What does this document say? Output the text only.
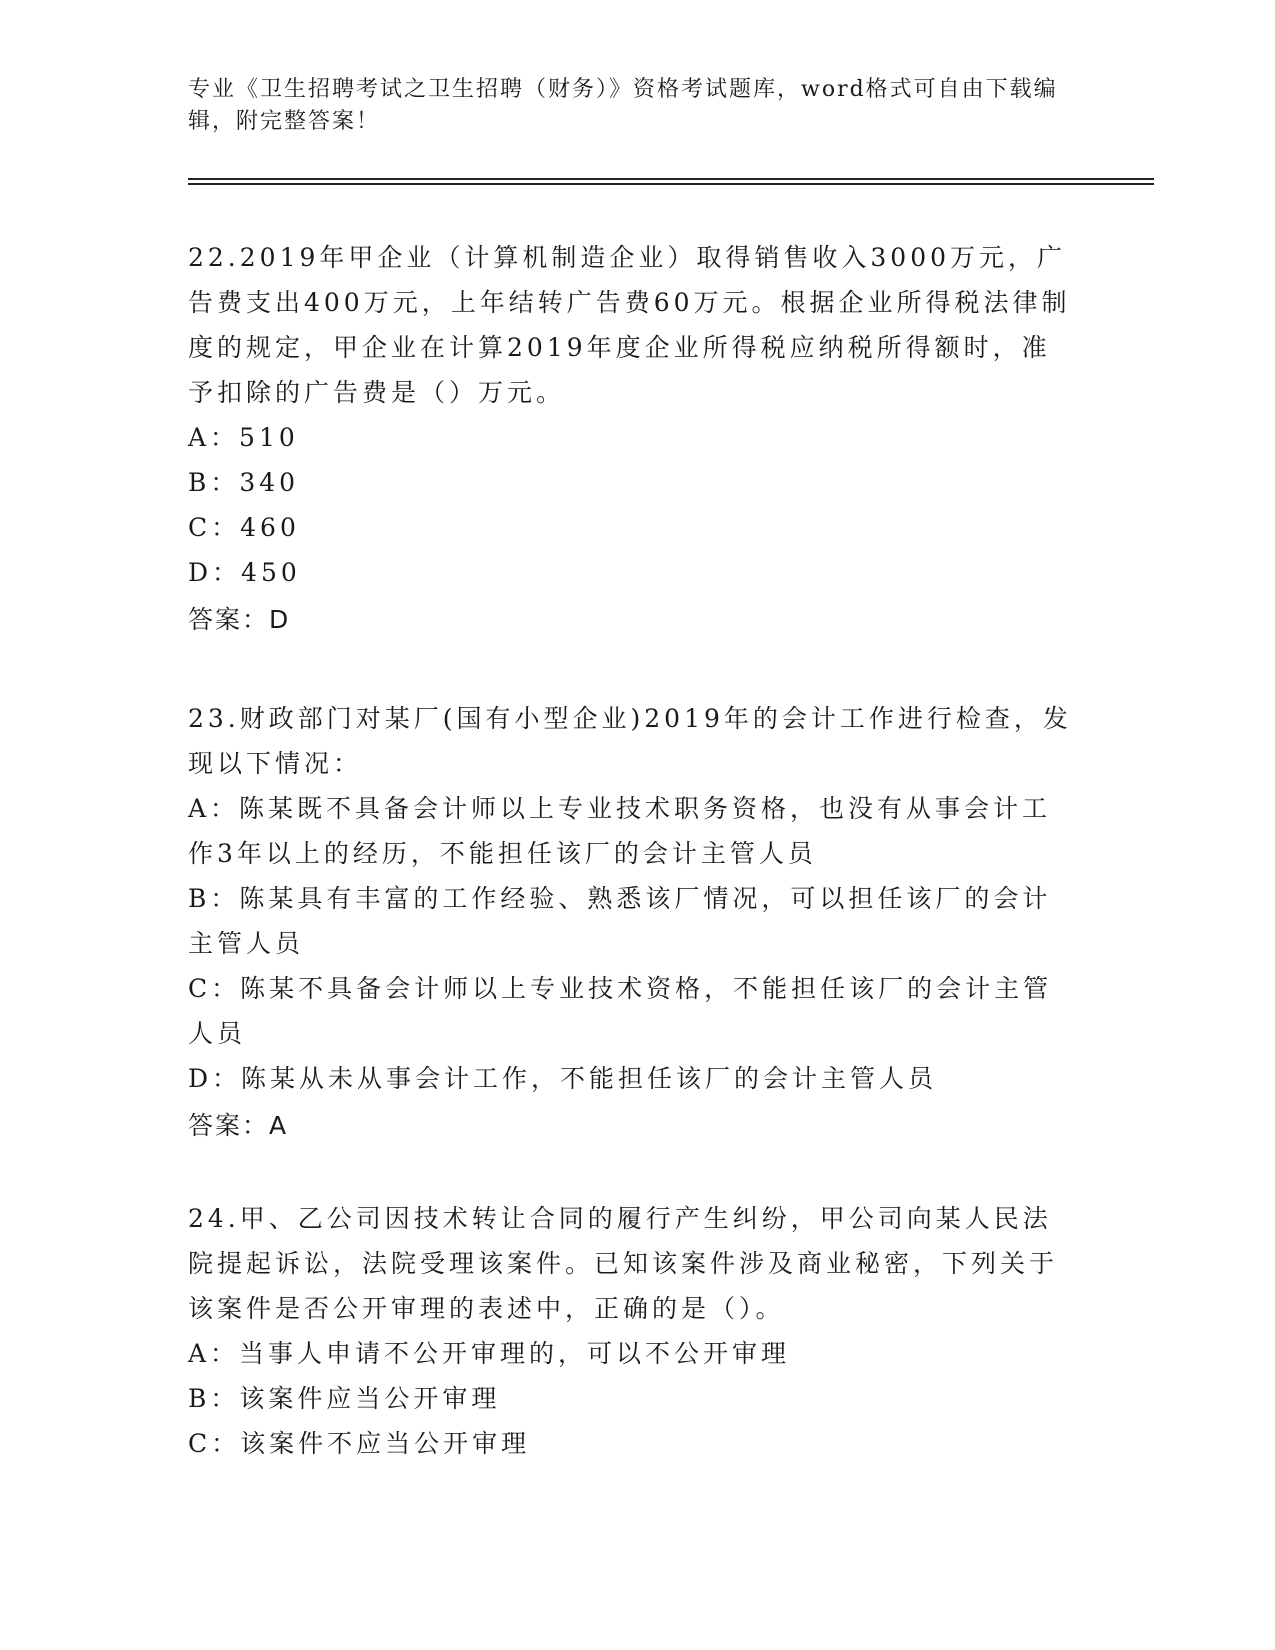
专业《卫生招聘考试之卫生招聘（财务）》资格考试题库，word格式可自由下载编辑，附完整答案！

22.2019年甲企业（计算机制造企业）取得销售收入3000万元，广告费支出400万元，上年结转广告费60万元。根据企业所得税法律制度的规定，甲企业在计算2019年度企业所得税应纳税所得额时，准予扣除的广告费是（）万元。

A：510

B：340

C：460

D：450

答案：D

23.财政部门对某厂(国有小型企业)2019年的会计工作进行检查，发现以下情况：

A：陈某既不具备会计师以上专业技术职务资格，也没有从事会计工作3年以上的经历，不能担任该厂的会计主管人员

B：陈某具有丰富的工作经验、熟悉该厂情况，可以担任该厂的会计主管人员

C：陈某不具备会计师以上专业技术资格，不能担任该厂的会计主管人员

D：陈某从未从事会计工作，不能担任该厂的会计主管人员

答案：A

24.甲、乙公司因技术转让合同的履行产生纠纷，甲公司向某人民法院提起诉讼，法院受理该案件。已知该案件涉及商业秘密，下列关于该案件是否公开审理的表述中，正确的是（）。

A：当事人申请不公开审理的，可以不公开审理

B：该案件应当公开审理

C：该案件不应当公开审理
